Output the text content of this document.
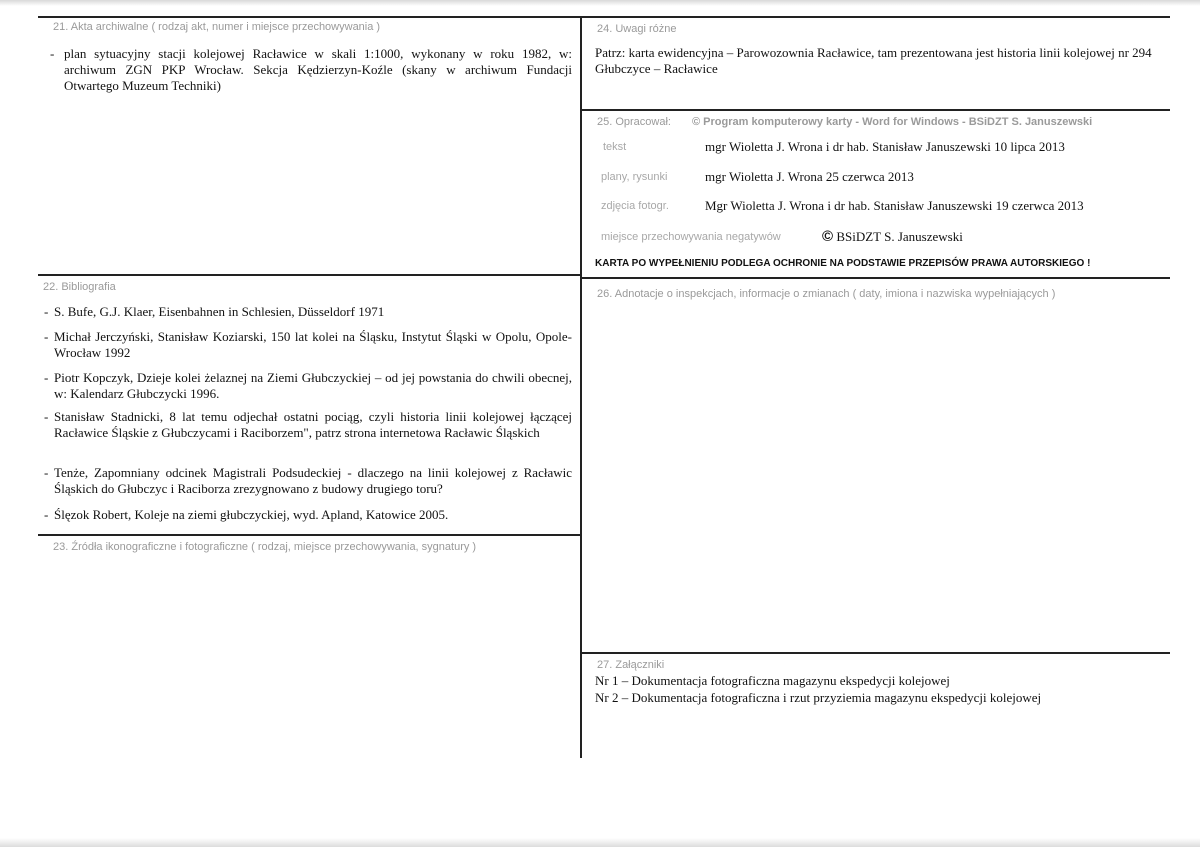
21. Akta archiwalne ( rodzaj akt, numer i miejsce przechowywania )
- plan sytuacyjny stacji kolejowej Racławice w skali 1:1000, wykonany w roku 1982, w: archiwum ZGN PKP Wrocław. Sekcja Kędzierzyn-Koźle (skany w archiwum Fundacji Otwartego Muzeum Techniki)
22. Bibliografia
- S. Bufe, G.J. Klaer, Eisenbahnen in Schlesien, Düsseldorf 1971
- Michał Jerczyński, Stanisław Koziarski, 150 lat kolei na Śląsku, Instytut Śląski w Opolu, Opole-Wrocław 1992
- Piotr Kopczyk, Dzieje kolei żelaznej na Ziemi Głubczyckiej – od jej powstania do chwili obecnej, w: Kalendarz Głubczycki 1996.
- Stanisław Stadnicki, 8 lat temu odjechał ostatni pociąg, czyli historia linii kolejowej łączącej Racławice Śląskie z Głubczycami i Raciborzem", patrz strona internetowa Racławic Śląskich
- Tenże, Zapomniany odcinek Magistrali Podsudeckiej - dlaczego na linii kolejowej z Racławic Śląskich do Głubczyc i Raciborza zrezygnowano z budowy drugiego toru?
- Ślęzok Robert, Koleje na ziemi głubczyckiej, wyd. Apland, Katowice 2005.
23. Źródła ikonograficzne i fotograficzne ( rodzaj, miejsce przechowywania, sygnatury )
24. Uwagi różne
Patrz: karta ewidencyjna – Parowozownia Racławice, tam prezentowana jest historia linii kolejowej nr 294 Głubczyce – Racławice
25. Opracował: © Program komputerowy karty - Word for Windows - BSiDZT S. Januszewski
tekst	mgr Wioletta J. Wrona i dr hab. Stanisław Januszewski 10 lipca 2013
plany, rysunki	mgr Wioletta J. Wrona 25 czerwca 2013
zdjęcia fotogr.	Mgr Wioletta J. Wrona i dr hab. Stanisław Januszewski 19 czerwca 2013
miejsce przechowywania negatywów	© BSiDZT S. Januszewski
KARTA PO WYPEŁNIENIU PODLEGA OCHRONIE NA PODSTAWIE PRZEPISÓW PRAWA AUTORSKIEGO !
26. Adnotacje o inspekcjach, informacje o zmianach ( daty, imiona i nazwiska wypełniających )
27. Załączniki
Nr 1 – Dokumentacja fotograficzna magazynu ekspedycji kolejowej
Nr 2 – Dokumentacja fotograficzna i rzut przyziemia magazynu ekspedycji kolejowej
